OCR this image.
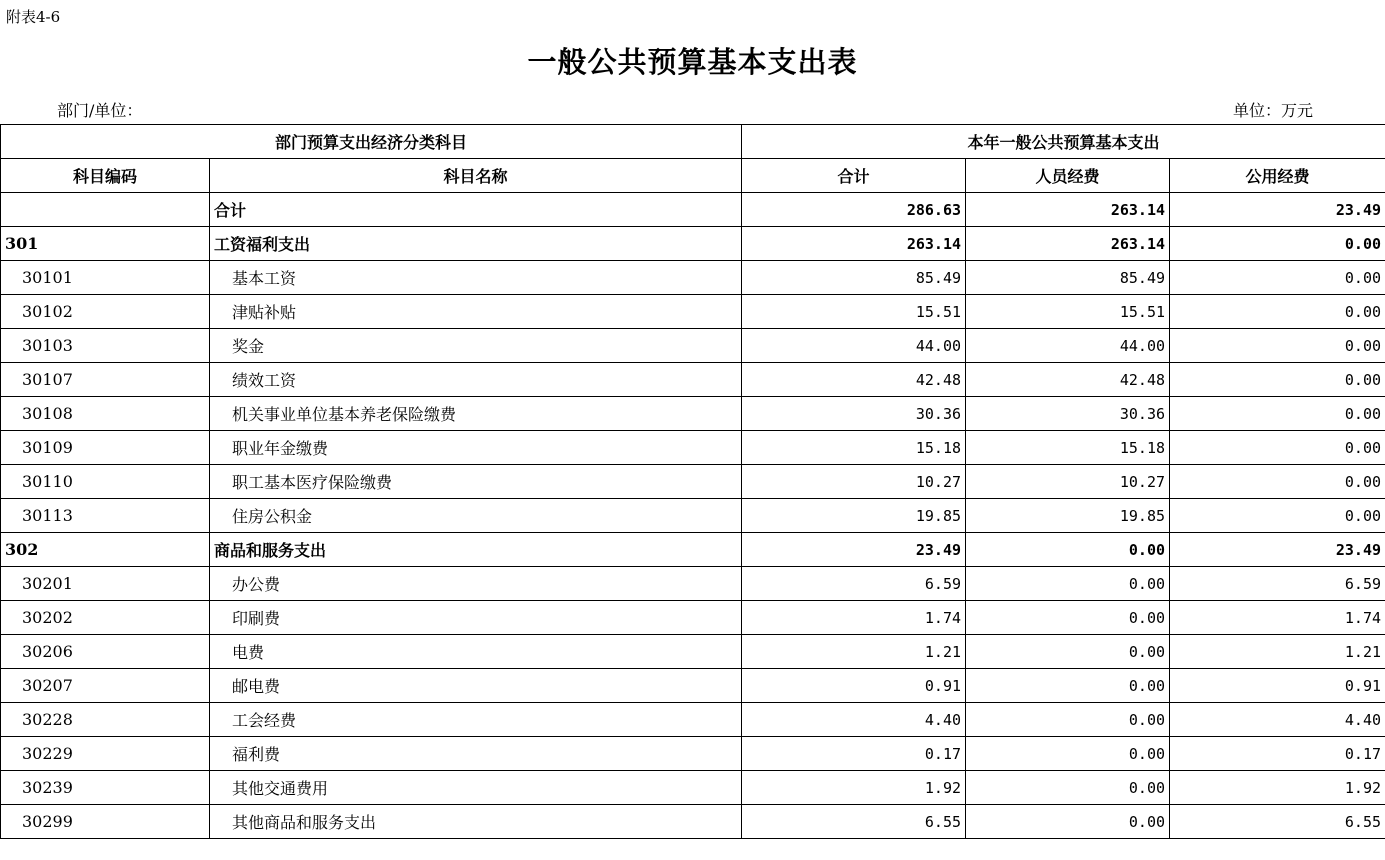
附表4-6
一般公共预算基本支出表
部门/单位：	单位：万元
部门预算支出经济分类科目		本年一般公共预算基本支出		
科目编码	科目名称	合计	人员经费	公用经费
	合计	286.63	263.14	23.49
301	工资福利支出	263.14	263.14	0.00
30101	基本工资	85.49	85.49	0.00
30102	津贴补贴	15.51	15.51	0.00
30103	奖金	44.00	44.00	0.00
30107	绩效工资	42.48	42.48	0.00
30108	机关事业单位基本养老保险缴费	30.36	30.36	0.00
30109	职业年金缴费	15.18	15.18	0.00
30110	职工基本医疗保险缴费	10.27	10.27	0.00
30113	住房公积金	19.85	19.85	0.00
302	商品和服务支出	23.49	0.00	23.49
30201	办公费	6.59	0.00	6.59
30202	印刷费	1.74	0.00	1.74
30206	电费	1.21	0.00	1.21
30207	邮电费	0.91	0.00	0.91
30228	工会经费	4.40	0.00	4.40
30229	福利费	0.17	0.00	0.17
30239	其他交通费用	1.92	0.00	1.92
30299	其他商品和服务支出	6.55	0.00	6.55
